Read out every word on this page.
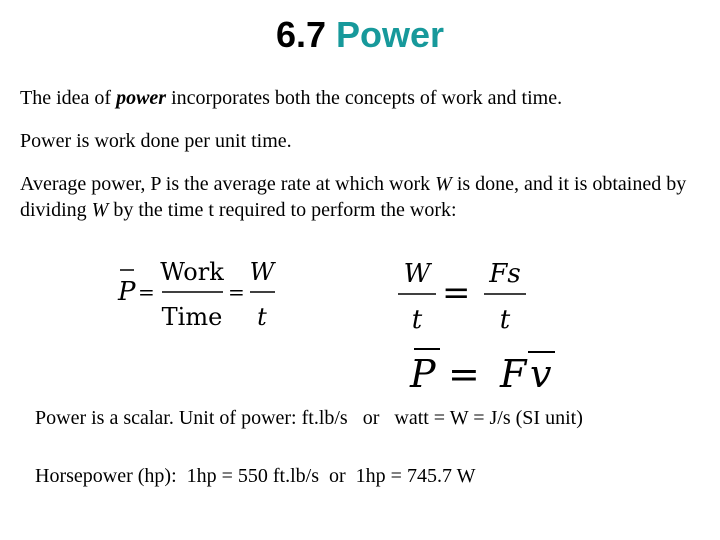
6.7 Power
The idea of power incorporates both the concepts of work and time.
Power is work done per unit time.
Average power, P is the average rate at which work W is done, and it is obtained by dividing W by the time t required to perform the work:
P =
Work
Time
=
W
t
W
t
= Fs
t
P = F v
Power is a scalar. Unit of power: ft.lb/s   or   watt = W = J/s (SI unit)
Horsepower (hp):  1hp = 550 ft.lb/s  or  1hp = 745.7 W
